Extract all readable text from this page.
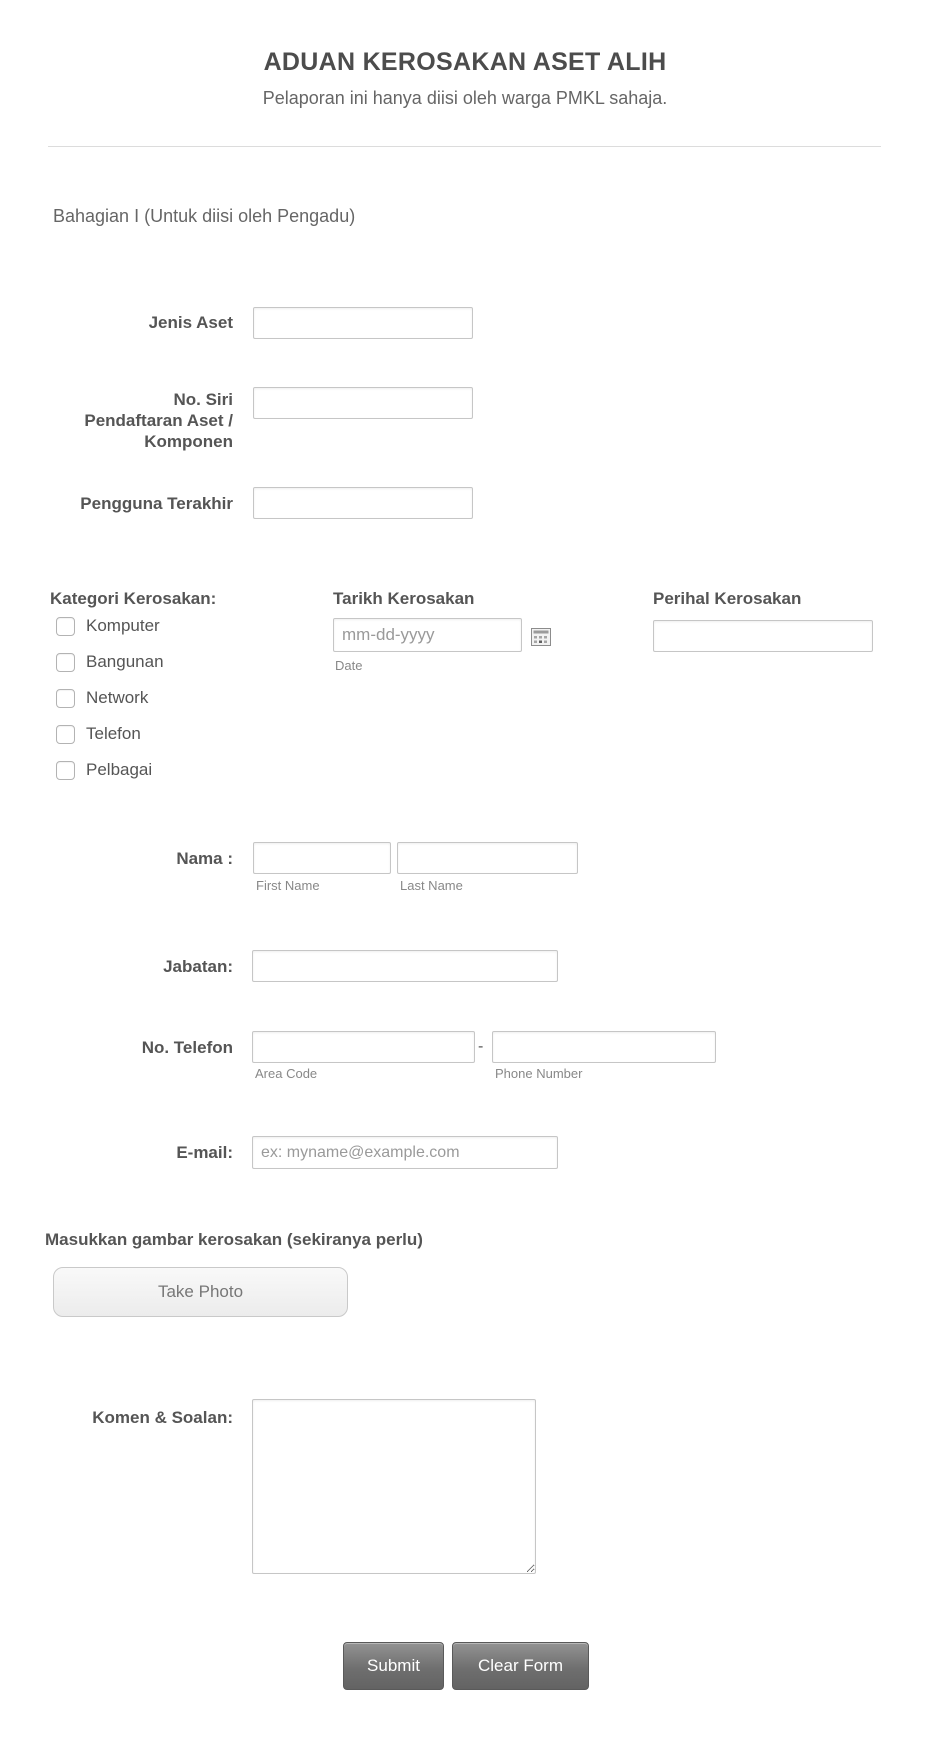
ADUAN KEROSAKAN ASET ALIH
Pelaporan ini hanya diisi oleh warga PMKL sahaja.
Bahagian I (Untuk diisi oleh Pengadu)
Jenis Aset
No. Siri Pendaftaran Aset / Komponen
Pengguna Terakhir
Kategori Kerosakan:	Tarikh Kerosakan	Perihal Kerosakan
Komputer
Bangunan
Network
Telefon
Pelbagai
mm-dd-yyyy
Date
Nama :
First Name	Last Name
Jabatan:
No. Telefon	-
Area Code	Phone Number
E-mail:
ex: myname@example.com
Masukkan gambar kerosakan (sekiranya perlu)
Take Photo
Komen & Soalan:
Submit	Clear Form
